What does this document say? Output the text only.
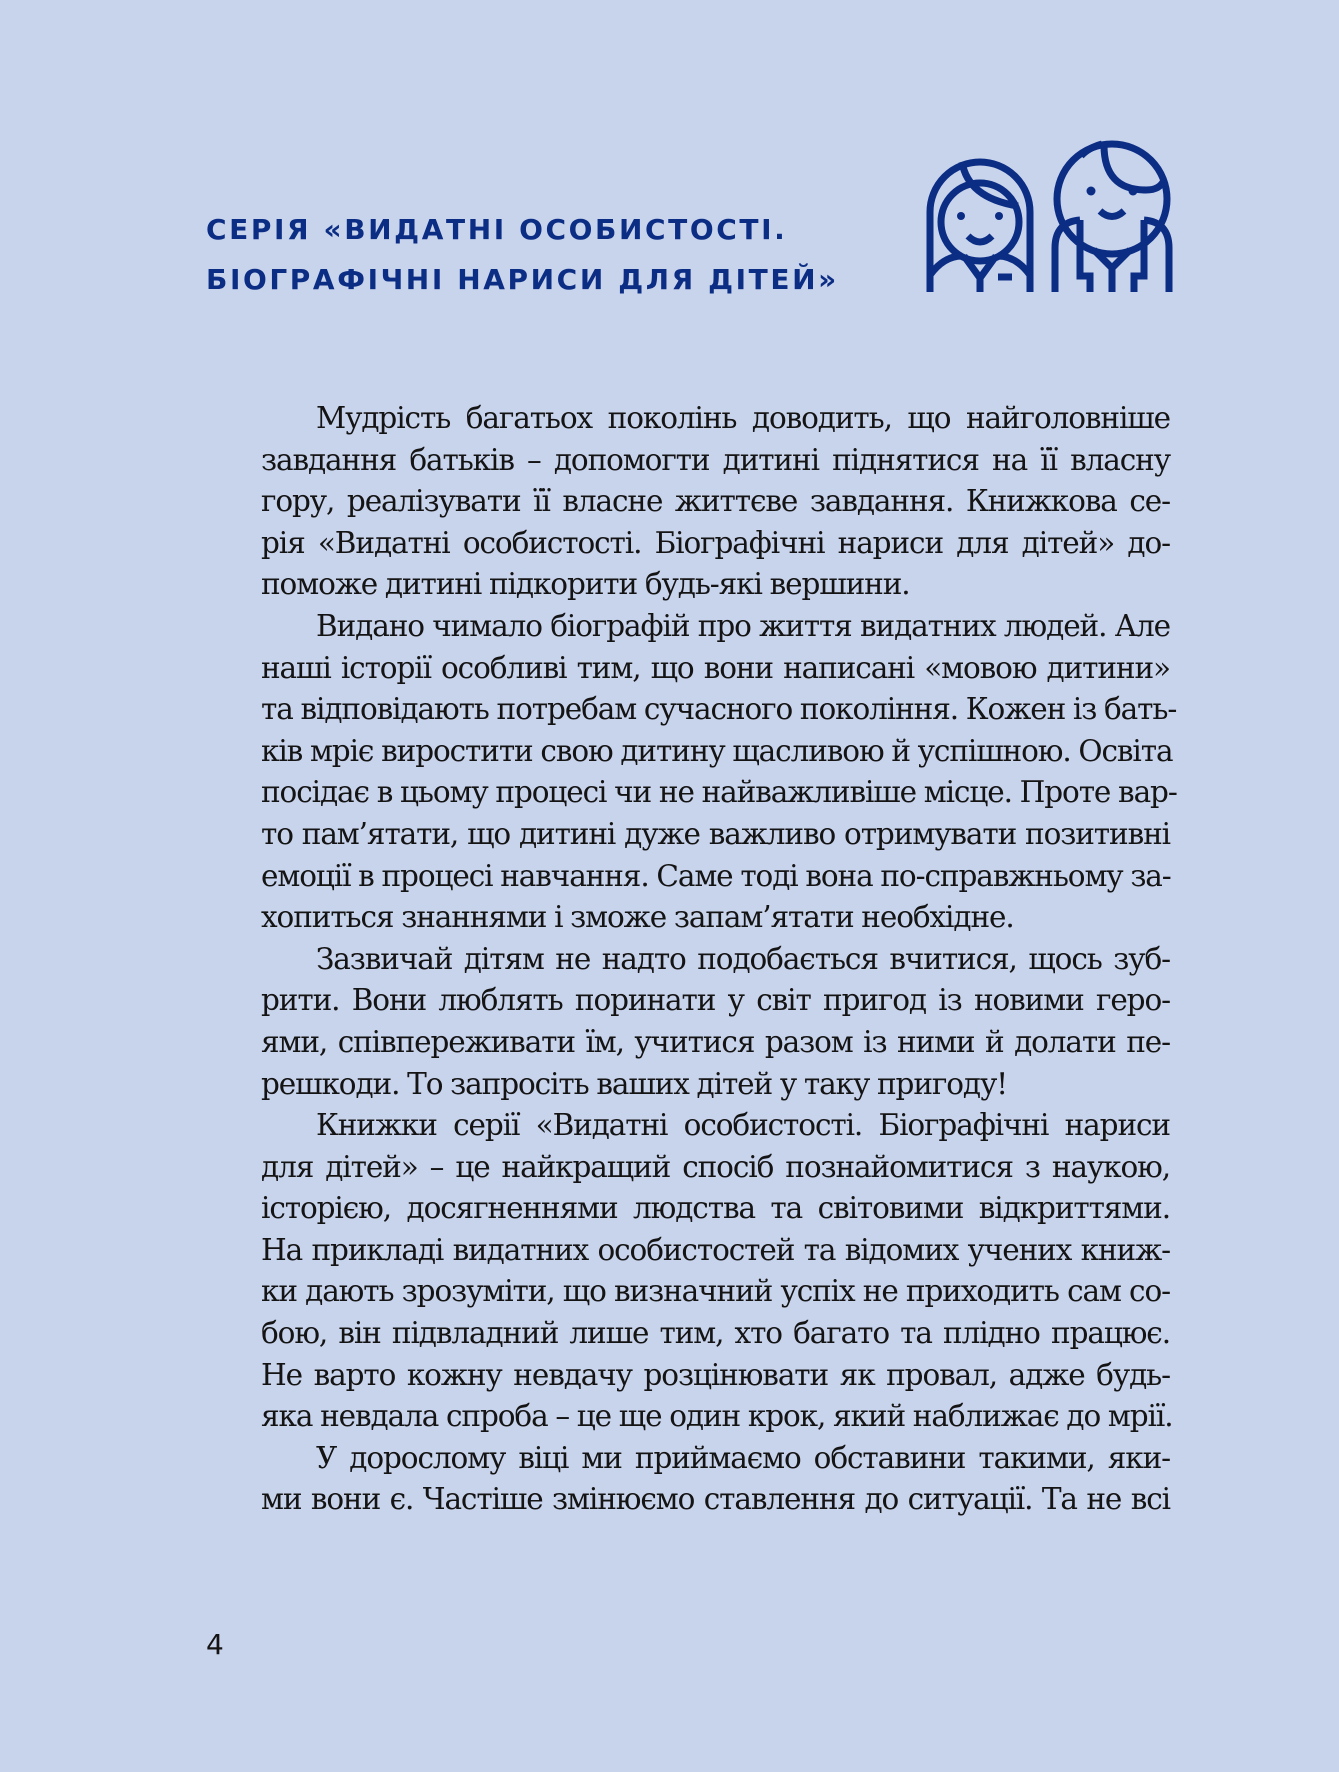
СЕРІЯ «ВИДАТНІ ОСОБИСТОСТІ.
БІОГРАФІЧНІ НАРИСИ ДЛЯ ДІТЕЙ»

Мудрість багатьох поколінь доводить, що найголовніше
завдання батьків – допомогти дитині піднятися на її власну
гору, реалізувати її власне життєве завдання. Книжкова се-
рія «Видатні особистості. Біографічні нариси для дітей» до-
поможе дитині підкорити будь-які вершини.

Видано чимало біографій про життя видатних людей. Але
наші історії особливі тим, що вони написані «мовою дитини»
та відповідають потребам сучасного покоління. Кожен із бать-
ків мріє виростити свою дитину щасливою й успішною. Освіта
посідає в цьому процесі чи не найважливіше місце. Проте вар-
то пам’ятати, що дитині дуже важливо отримувати позитивні
емоції в процесі навчання. Саме тоді вона по-справжньому за-
хопиться знаннями і зможе запам’ятати необхідне.

Зазвичай дітям не надто подобається вчитися, щось зуб-
рити. Вони люблять поринати у світ пригод із новими геро-
ями, співпереживати їм, учитися разом із ними й долати пе-
решкоди. То запросіть ваших дітей у таку пригоду!

Книжки серії «Видатні особистості. Біографічні нариси
для дітей» – це найкращий спосіб познайомитися з наукою,
історією, досягненнями людства та світовими відкриттями.
На прикладі видатних особистостей та відомих учених книж-
ки дають зрозуміти, що визначний успіх не приходить сам со-
бою, він підвладний лише тим, хто багато та плідно працює.
Не варто кожну невдачу розцінювати як провал, адже будь-
яка невдала спроба – це ще один крок, який наближає до мрії.

У дорослому віці ми приймаємо обставини такими, яки-
ми вони є. Частіше змінюємо ставлення до ситуації. Та не всі

4
